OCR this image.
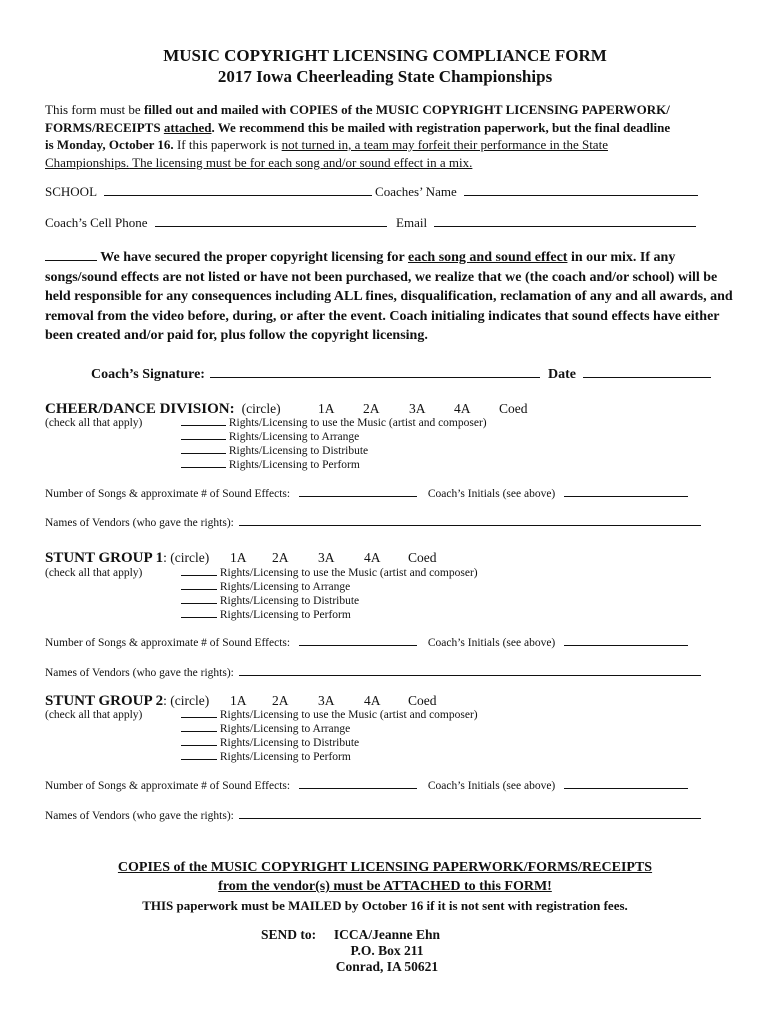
MUSIC COPYRIGHT LICENSING COMPLIANCE FORM
2017 Iowa Cheerleading State Championships
This form must be filled out and mailed with COPIES of the MUSIC COPYRIGHT LICENSING PAPERWORK/
FORMS/RECEIPTS attached. We recommend this be mailed with registration paperwork, but the final deadline
is Monday, October 16. If this paperwork is not turned in, a team may forfeit their performance in the State
Championships. The licensing must be for each song and/or sound effect in a mix.
SCHOOL	Coaches’ Name
Coach’s Cell Phone	Email
We have secured the proper copyright licensing for each song and sound effect in our mix. If any songs/sound effects are not listed or have not been purchased, we realize that we (the coach and/or school) will be held responsible for any consequences including ALL fines, disqualification, reclamation of any and all awards, and removal from the video before, during, or after the event. Coach initialing indicates that sound effects have either been created and/or paid for, plus follow the copyright licensing.
Coach’s Signature:	Date
CHEER/DANCE DIVISION: (circle)	1A 2A 3A 4A Coed
(check all that apply)	Rights/Licensing to use the Music (artist and composer)
Rights/Licensing to Arrange
Rights/Licensing to Distribute
Rights/Licensing to Perform
Number of Songs & approximate # of Sound Effects:	Coach’s Initials (see above)
Names of Vendors (who gave the rights):
STUNT GROUP 1: (circle) 1A 2A 3A 4A Coed
(check all that apply)	Rights/Licensing to use the Music (artist and composer)
Rights/Licensing to Arrange
Rights/Licensing to Distribute
Rights/Licensing to Perform
Number of Songs & approximate # of Sound Effects:	Coach’s Initials (see above)
Names of Vendors (who gave the rights):
STUNT GROUP 2: (circle) 1A 2A 3A 4A Coed
(check all that apply)	Rights/Licensing to use the Music (artist and composer)
Rights/Licensing to Arrange
Rights/Licensing to Distribute
Rights/Licensing to Perform
Number of Songs & approximate # of Sound Effects:	Coach’s Initials (see above)
Names of Vendors (who gave the rights):
COPIES of the MUSIC COPYRIGHT LICENSING PAPERWORK/FORMS/RECEIPTS
from the vendor(s) must be ATTACHED to this FORM!
THIS paperwork must be MAILED by October 16 if it is not sent with registration fees.
SEND to:	ICCA/Jeanne Ehn
P.O. Box 211
Conrad, IA 50621
